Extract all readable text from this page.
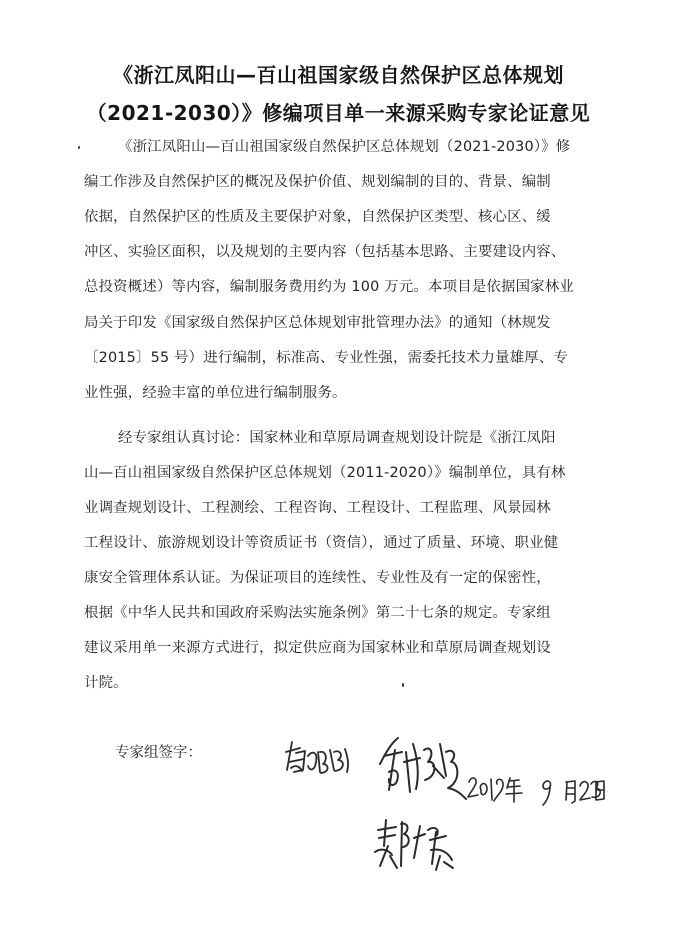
《浙江凤阳山—百山祖国家级自然保护区总体规划
（2021-2030）》修编项目单一来源采购专家论证意见
《浙江凤阳山—百山祖国家级自然保护区总体规划（2021-2030）》修
编工作涉及自然保护区的概况及保护价值、规划编制的目的、背景、编制
依据，自然保护区的性质及主要保护对象，自然保护区类型、核心区、缓
冲区、实验区面积，以及规划的主要内容（包括基本思路、主要建设内容、
总投资概述）等内容，编制服务费用约为 100 万元。本项目是依据国家林业
局关于印发《国家级自然保护区总体规划审批管理办法》的通知（林规发
〔2015〕55 号）进行编制，标准高、专业性强，需委托技术力量雄厚、专
业性强，经验丰富的单位进行编制服务。
经专家组认真讨论：国家林业和草原局调查规划设计院是《浙江凤阳
山—百山祖国家级自然保护区总体规划（2011-2020）》编制单位，具有林
业调查规划设计、工程测绘、工程咨询、工程设计、工程监理、风景园林
工程设计、旅游规划设计等资质证书（资信），通过了质量、环境、职业健
康安全管理体系认证。为保证项目的连续性、专业性及有一定的保密性，
根据《中华人民共和国政府采购法实施条例》第二十七条的规定。专家组
建议采用单一来源方式进行，拟定供应商为国家林业和草原局调查规划设
计院。
专家组签字：
